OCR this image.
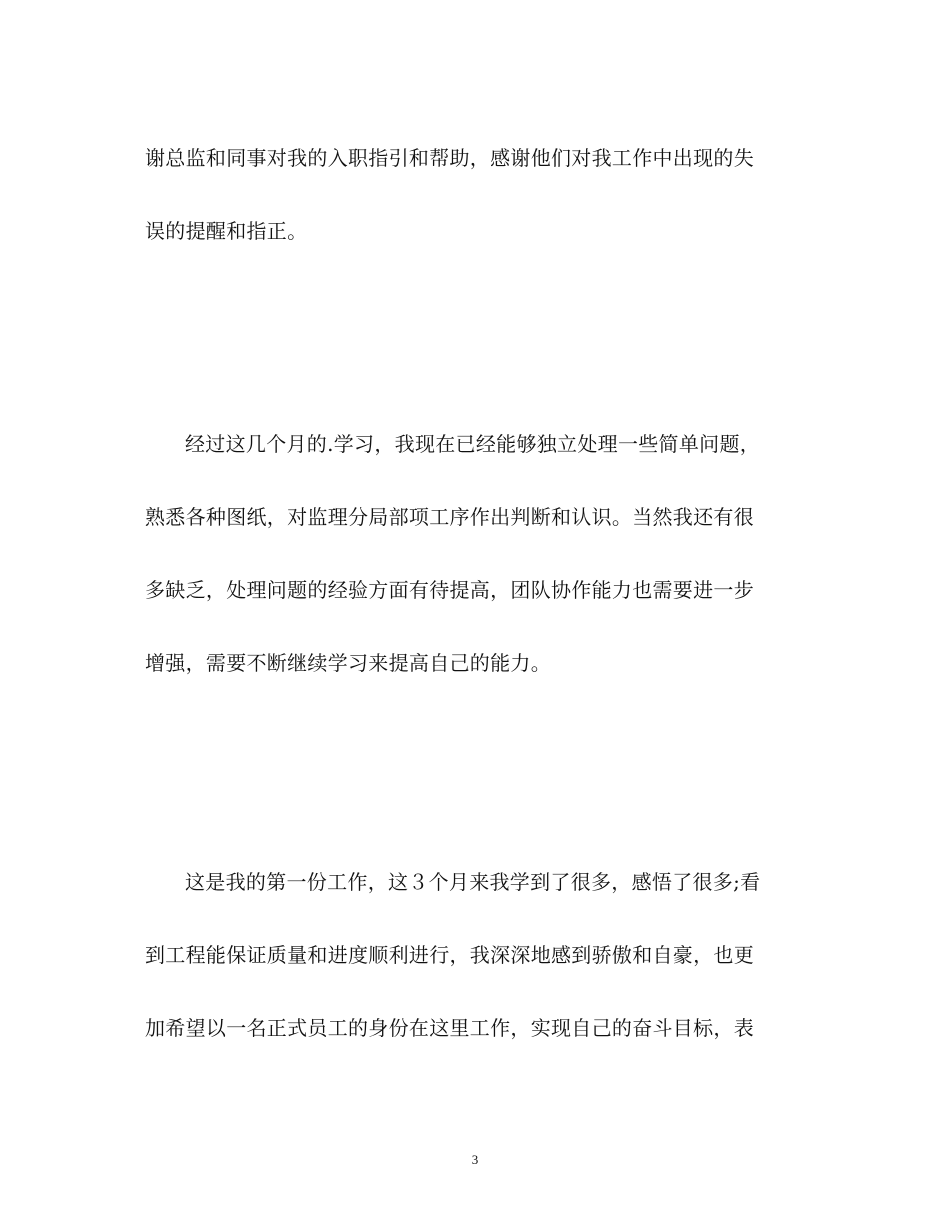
谢总监和同事对我的入职指引和帮助，感谢他们对我工作中出现的失
误的提醒和指正。
经过这几个月的.学习，我现在已经能够独立处理一些简单问题，
熟悉各种图纸，对监理分局部项工序作出判断和认识。当然我还有很
多缺乏，处理问题的经验方面有待提高，团队协作能力也需要进一步
增强，需要不断继续学习来提高自己的能力。
这是我的第一份工作，这３个月来我学到了很多，感悟了很多;看
到工程能保证质量和进度顺利进行，我深深地感到骄傲和自豪，也更
加希望以一名正式员工的身份在这里工作，实现自己的奋斗目标，表
3
